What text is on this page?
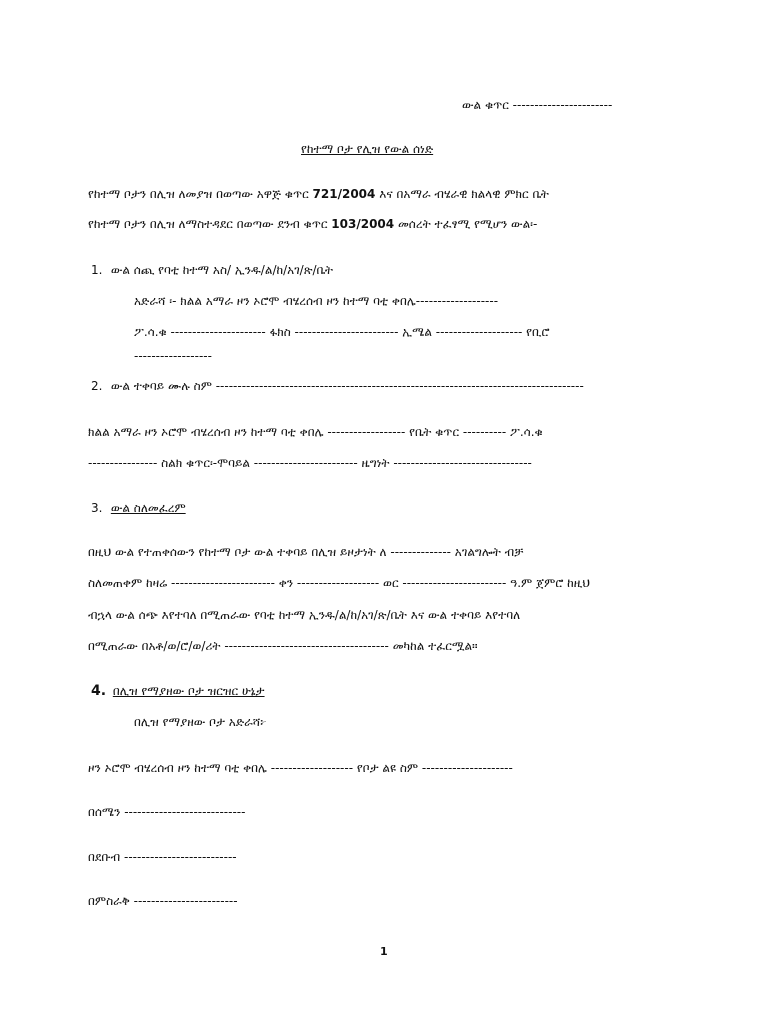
ውል ቁጥር -----------------------
የከተማ ቦታ የሊዝ የውል ሰነድ
የከተማ ቦታን በሊዝ ለመያዝ በወጣው አዋጅ ቁጥር 721/2004 እና በአማራ ብሄራዊ ክልላዊ ምክር ቤት
የከተማ ቦታን በሊዝ ለማስተዳደር በወጣው ደንብ ቁጥር 103/2004 መሰረት ተፈፃሚ የሚሆን ውል፡-
1. ውል ሰጪ የባቲ ከተማ አስ/ ኢንዱ/ል/ከ/አገ/ጽ/ቤት
አድራሻ ፡- ክልል አማራ ዞን ኦሮሞ ብሄረሰብ ዞን ከተማ ባቲ ቀበሌ-------------------
ፖ.ሳ.ቁ ---------------------- ፋክስ ------------------------ ኢሜል -------------------- የቢሮ
------------------
2. ውል ተቀባይ ሙሉ ስም -------------------------------------------------------------------------------------
ክልል አማራ ዞን ኦሮሞ ብሄረሰብ ዞን ከተማ ባቲ ቀበሌ ------------------ የቤት ቁጥር ---------- ፖ.ሳ.ቁ
---------------- ስልክ ቁጥር፡-ሞባይል ------------------------ ዜግነት --------------------------------
3. ውል ስለመፈረም
በዚህ ውል የተጠቀሰውን የከተማ ቦታ ውል ተቀባይ በሊዝ ይዞታነት ለ -------------- አገልግሎት ብቻ
ስለመጠቀም ከዛሬ ------------------------ ቀን ------------------- ወር ------------------------ ዓ.ም ጀምሮ ከዚህ
ብኋላ ውል ሰጭ እየተባለ በሚጠራው የባቲ ከተማ ኢንዱ/ል/ከ/አገ/ጽ/ቤት እና ውል ተቀባይ እየተባለ
በሚጠራው በአቶ/ወ/ሮ/ወ/ሪት -------------------------------------- መካከል ተፈርሟል።
4. በሊዝ የማያዘው ቦታ ዝርዝር ሁኔታ
በሊዝ የማያዘው ቦታ አድራሻ፦
ዞን ኦሮሞ ብሄረሰብ ዞን ከተማ ባቲ ቀበሌ ------------------- የቦታ ልዩ ስም ---------------------
በሰሜን ----------------------------
በደቡብ --------------------------
በምስራቅ ------------------------
1
